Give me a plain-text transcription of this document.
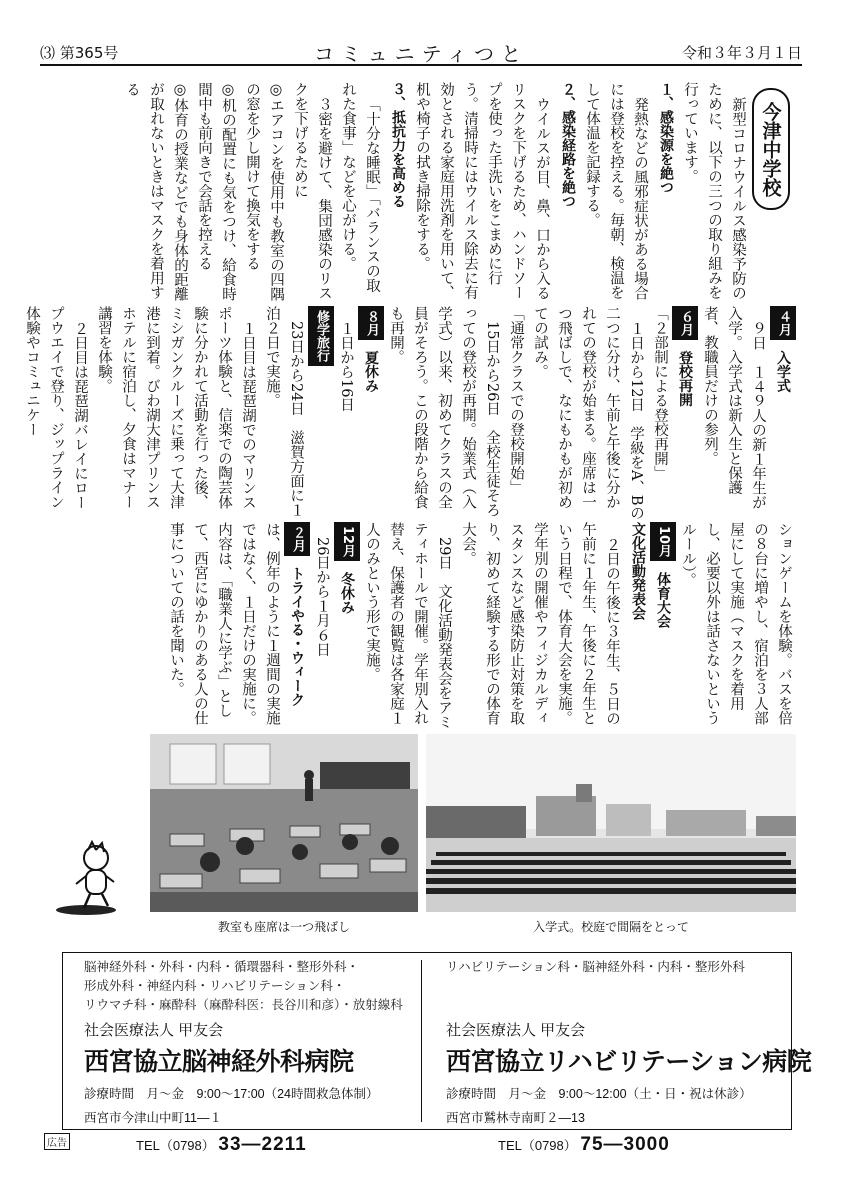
⑶ 第365号	コミュニティつと	令和３年３月１日
今津中学校

新型コロナウイルス感染予防のために、以下の三つの取り組みを行っています。

１、感染源を絶つ

発熱などの風邪症状がある場合には登校を控える。毎朝、検温をして体温を記録する。

２、感染経路を絶つ

ウイルスが目、鼻、口から入るリスクを下げるため、ハンドソープを使った手洗いをこまめに行う。清掃時にはウイルス除去に有効とされる家庭用洗剤を用いて、机や椅子の拭き掃除をする。

３、抵抗力を高める

「十分な睡眠」「バランスの取れた食事」などを心がける。

３密を避けて、集団感染のリスクを下げるために

◎エアコンを使用中も教室の四隅の窓を少し開けて換気をする

◎机の配置にも気をつけ、給食時間中も前向きで会話を控える

◎体育の授業などでも身体的距離が取れないときはマスクを着用する

４月 入学式

９日　１４９人の新１年生が入学。入学式は新入生と保護者、教職員だけの参列。

６月 登校再開

「２部制による登校再開」

１日から12日　学級をA、Bの二つに分け、午前と午後に分かれての登校が始まる。座席は一つ飛ばしで、なにもかもが初めての試み。

「通常クラスでの登校開始」

15日から26日　全校生徒そろっての登校が再開。始業式（入学式）以来、初めてクラスの全員がそろう。この段階から給食も再開。

８月 夏休み

１日から16日

修学旅行

23日から24日　滋賀方面に１泊２日で実施。

１日目は琵琶湖でのマリンスポーツ体験と、信楽での陶芸体験に分かれて活動を行った後、ミシガンクルーズに乗って大津港に到着。びわ湖大津プリンスホテルに宿泊し、夕食はマナー講習を体験。

２日目は琵琶湖バレイにロープウエイで登り、ジップライン体験やコミュニケー

ションゲームを体験。バスを倍の８台に増やし、宿泊を３人部屋にして実施（マスクを着用し、必要以外は話さないというルール）。

10月 体育大会
文化活動発表会

２日の午後に３年生、５日の午前に１年生、午後に２年生という日程で、体育大会を実施。学年別の開催やフィジカルディスタンスなど感染防止対策を取り、初めて経験する形での体育大会。

29日　文化活動発表会をアミティホールで開催。学年別入れ替え、保護者の観覧は各家庭１人のみという形で実施。

12月 冬休み

26日から１月６日

２月 トライやる・ウィーク

は、例年のように１週間の実施ではなく、１日だけの実施に。内容は、「職業人に学ぶ」として、西宮にゆかりのある人の仕事についての話を聞いた。

教室も座席は一つ飛ばし	入学式。校庭で間隔をとって
脳神経外科・外科・内科・循環器科・整形外科・
形成外科・神経内科・リハビリテーション科・
リウマチ科・麻酔科（麻酔科医：長谷川和彦）・放射線科
社会医療法人 甲友会
西宮協立脳神経外科病院
診療時間　月〜金　9:00〜17:00（24時間救急体制）
西宮市今津山中町11―１
TEL（0798） 33―2211
リハビリテーション科・脳神経外科・内科・整形外科
社会医療法人 甲友会
西宮協立リハビリテーション病院
診療時間　月〜金　9:00〜12:00（土・日・祝は休診）
西宮市鷲林寺南町２―13
TEL（0798） 75―3000
広告
